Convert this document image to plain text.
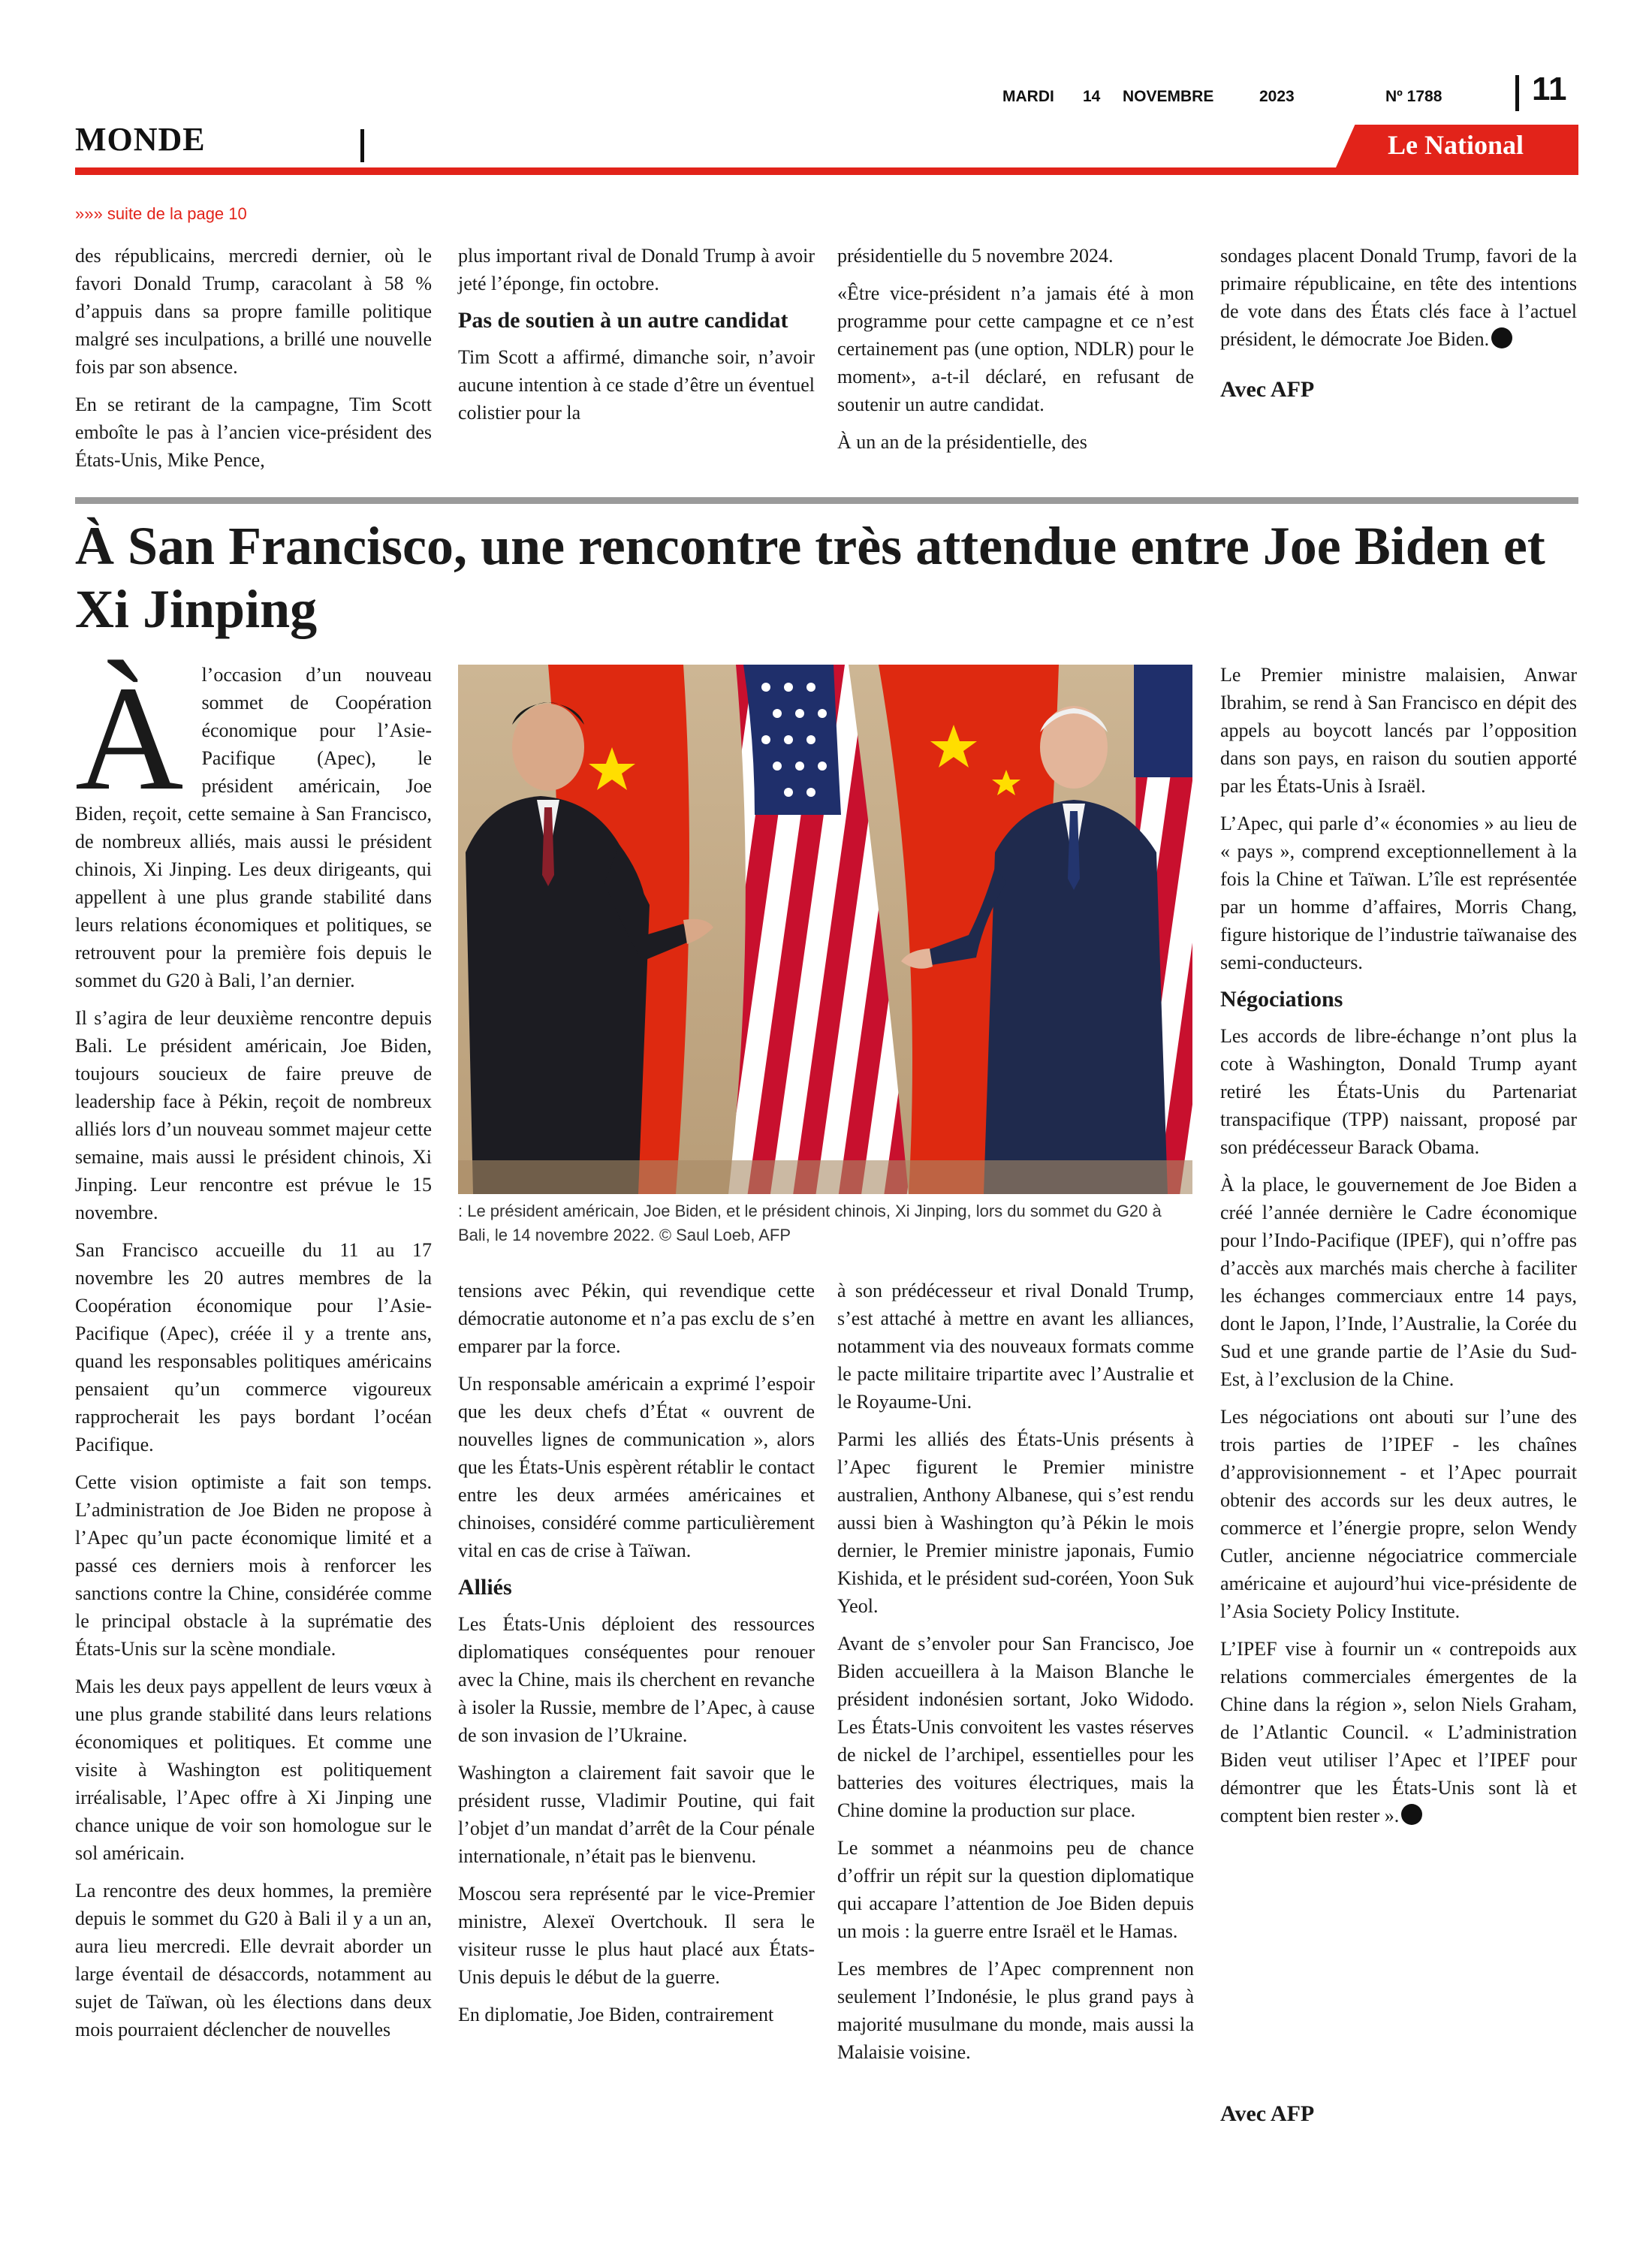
MARDI 14 NOVEMBRE	2023	Nº 1788	11
MONDE	Le National
»»» suite de la page 10

des républicains, mercredi dernier, où le favori Donald Trump, caracolant à 58 % d’appuis dans sa propre famille politique malgré ses inculpations, a brillé une nouvelle fois par son absence.

En se retirant de la campagne, Tim Scott emboîte le pas à l’ancien vice-président des États-Unis, Mike Pence,

plus important rival de Donald Trump à avoir jeté l’éponge, fin octobre.

Pas de soutien à un autre candidat

Tim Scott a affirmé, dimanche soir, n’avoir aucune intention à ce stade d’être un éventuel colistier pour la

présidentielle du 5 novembre 2024.

«Être vice-président n’a jamais été à mon programme pour cette campagne et ce n’est certainement pas (une option, NDLR) pour le moment», a-t-il déclaré, en refusant de soutenir un autre candidat.

À un an de la présidentielle, des

sondages placent Donald Trump, favori de la primaire républicaine, en tête des intentions de vote dans des États clés face à l’actuel président, le démocrate Joe Biden.

Avec AFP

À San Francisco, une rencontre très attendue entre Joe Biden et Xi Jinping

Àl’occasion d’un nouveau sommet de Coopération économique pour l’Asie-Pacifique (Apec), le président américain, Joe Biden, reçoit, cette semaine à San Francisco, de nombreux alliés, mais aussi le président chinois, Xi Jinping. Les deux dirigeants, qui appellent à une plus grande stabilité dans leurs relations économiques et politiques, se retrouvent pour la première fois depuis le sommet du G20 à Bali, l’an dernier.

Il s’agira de leur deuxième rencontre depuis Bali. Le président américain, Joe Biden, toujours soucieux de faire preuve de leadership face à Pékin, reçoit de nombreux alliés lors d’un nouveau sommet majeur cette semaine, mais aussi le président chinois, Xi Jinping. Leur rencontre est prévue le 15 novembre.

San Francisco accueille du 11 au 17 novembre les 20 autres membres de la Coopération économique pour l’Asie-Pacifique (Apec), créée il y a trente ans, quand les responsables politiques américains pensaient qu’un commerce vigoureux rapprocherait les pays bordant l’océan Pacifique.

Cette vision optimiste a fait son temps. L’administration de Joe Biden ne propose à l’Apec qu’un pacte économique limité et a passé ces derniers mois à renforcer les sanctions contre la Chine, considérée comme le principal obstacle à la suprématie des États-Unis sur la scène mondiale.

Mais les deux pays appellent de leurs vœux à une plus grande stabilité dans leurs relations économiques et politiques. Et comme une visite à Washington est politiquement irréalisable, l’Apec offre à Xi Jinping une chance unique de voir son homologue sur le sol américain.

La rencontre des deux hommes, la première depuis le sommet du G20 à Bali il y a un an, aura lieu mercredi. Elle devrait aborder un large éventail de désaccords, notamment au sujet de Taïwan, où les élections dans deux mois pourraient déclencher de nouvelles

: Le président américain, Joe Biden, et le président chinois, Xi Jinping, lors du sommet du G20 à Bali, le 14 novembre 2022. © Saul Loeb, AFP

tensions avec Pékin, qui revendique cette démocratie autonome et n’a pas exclu de s’en emparer par la force.

Un responsable américain a exprimé l’espoir que les deux chefs d’État « ouvrent de nouvelles lignes de communication », alors que les États-Unis espèrent rétablir le contact entre les deux armées américaines et chinoises, considéré comme particulièrement vital en cas de crise à Taïwan.

Alliés

Les États-Unis déploient des ressources diplomatiques conséquentes pour renouer avec la Chine, mais ils cherchent en revanche à isoler la Russie, membre de l’Apec, à cause de son invasion de l’Ukraine.

Washington a clairement fait savoir que le président russe, Vladimir Poutine, qui fait l’objet d’un mandat d’arrêt de la Cour pénale internationale, n’était pas le bienvenu.

Moscou sera représenté par le vice-Premier ministre, Alexeï Overtchouk. Il sera le visiteur russe le plus haut placé aux États-Unis depuis le début de la guerre.

En diplomatie, Joe Biden, contrairement

à son prédécesseur et rival Donald Trump, s’est attaché à mettre en avant les alliances, notamment via des nouveaux formats comme le pacte militaire tripartite avec l’Australie et le Royaume-Uni.

Parmi les alliés des États-Unis présents à l’Apec figurent le Premier ministre australien, Anthony Albanese, qui s’est rendu aussi bien à Washington qu’à Pékin le mois dernier, le Premier ministre japonais, Fumio Kishida, et le président sud-coréen, Yoon Suk Yeol.

Avant de s’envoler pour San Francisco, Joe Biden accueillera à la Maison Blanche le président indonésien sortant, Joko Widodo. Les États-Unis convoitent les vastes réserves de nickel de l’archipel, essentielles pour les batteries des voitures électriques, mais la Chine domine la production sur place.

Le sommet a néanmoins peu de chance d’offrir un répit sur la question diplomatique qui accapare l’attention de Joe Biden depuis un mois : la guerre entre Israël et le Hamas.

Les membres de l’Apec comprennent non seulement l’Indonésie, le plus grand pays à majorité musulmane du monde, mais aussi la Malaisie voisine.

Le Premier ministre malaisien, Anwar Ibrahim, se rend à San Francisco en dépit des appels au boycott lancés par l’opposition dans son pays, en raison du soutien apporté par les États-Unis à Israël.

L’Apec, qui parle d’« économies » au lieu de « pays », comprend exceptionnellement à la fois la Chine et Taïwan. L’île est représentée par un homme d’affaires, Morris Chang, figure historique de l’industrie taïwanaise des semi-conducteurs.

Négociations

Les accords de libre-échange n’ont plus la cote à Washington, Donald Trump ayant retiré les États-Unis du Partenariat transpacifique (TPP) naissant, proposé par son prédécesseur Barack Obama.

À la place, le gouvernement de Joe Biden a créé l’année dernière le Cadre économique pour l’Indo-Pacifique (IPEF), qui n’offre pas d’accès aux marchés mais cherche à faciliter les échanges commerciaux entre 14 pays, dont le Japon, l’Inde, l’Australie, la Corée du Sud et une grande partie de l’Asie du Sud-Est, à l’exclusion de la Chine.

Les négociations ont abouti sur l’une des trois parties de l’IPEF - les chaînes d’approvisionnement - et l’Apec pourrait obtenir des accords sur les deux autres, le commerce et l’énergie propre, selon Wendy Cutler, ancienne négociatrice commerciale américaine et aujourd’hui vice-présidente de l’Asia Society Policy Institute.

L’IPEF vise à fournir un « contrepoids aux relations commerciales émergentes de la Chine dans la région », selon Niels Graham, de l’Atlantic Council. « L’administration Biden veut utiliser l’Apec et l’IPEF pour démontrer que les États-Unis sont là et comptent bien rester ».

Avec AFP
